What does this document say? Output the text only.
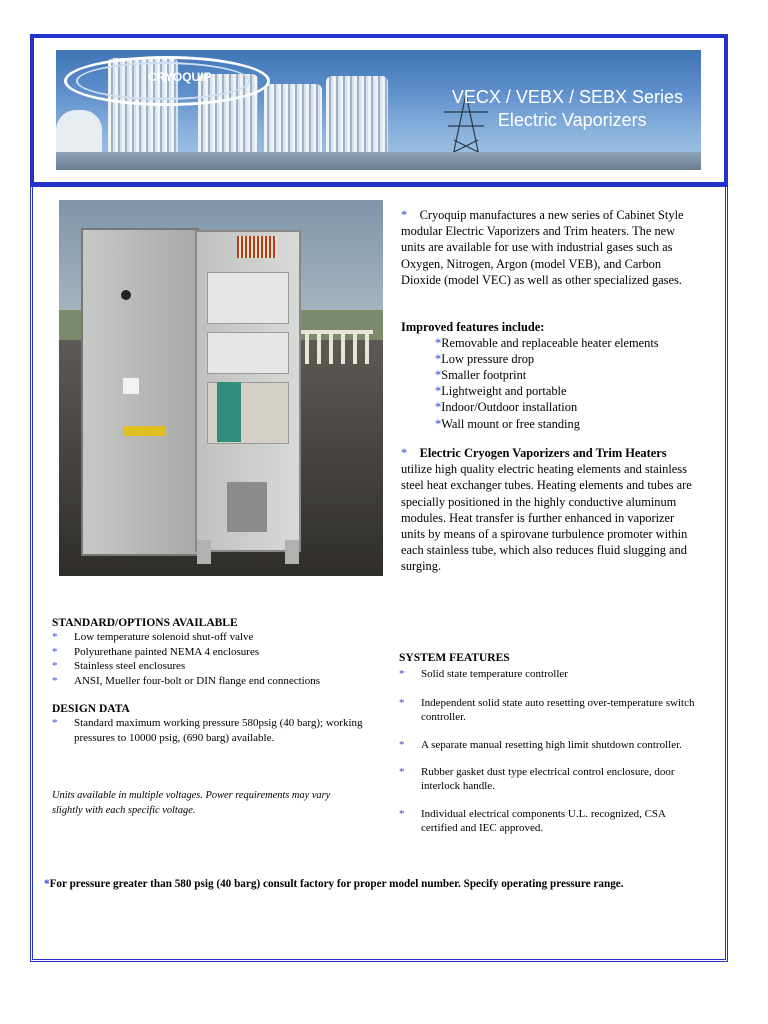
CRYOQUIP
VECX / VEBX / SEBX Series
Electric Vaporizers

* Cryoquip manufactures a new series of Cabinet Style modular Electric Vaporizers and Trim heaters. The new units are available for use with industrial gases such as Oxygen, Nitrogen, Argon (model VEB), and Carbon Dioxide (model VEC) as well as other specialized gases.

Improved features include:
*Removable and replaceable heater elements
*Low pressure drop
*Smaller footprint
*Lightweight and portable
*Indoor/Outdoor installation
*Wall mount or free standing

* Electric Cryogen Vaporizers and Trim Heaters utilize high quality electric heating elements and stainless steel heat exchanger tubes. Heating elements and tubes are specially positioned in the highly conductive aluminum modules. Heat transfer is further enhanced in vaporizer units by means of a spirovane turbulence promoter within each stainless tube, which also reduces fluid slugging and surging.

STANDARD/OPTIONS AVAILABLE
* Low temperature solenoid shut-off valve
* Polyurethane painted NEMA 4 enclosures
* Stainless steel enclosures
* ANSI, Mueller four-bolt or DIN flange end connections
DESIGN DATA
* Standard maximum working pressure 580psig (40 barg); working pressures to 10000 psig, (690 barg) available.
Units available in multiple voltages. Power requirements may vary slightly with each specific voltage.
SYSTEM FEATURES
* Solid state temperature controller
* Independent solid state auto resetting over-temperature switch controller.
* A separate manual resetting high limit shutdown controller.
* Rubber gasket dust type electrical control enclosure, door interlock handle.
* Individual electrical components U.L. recognized, CSA certified and IEC approved.
*For pressure greater than 580 psig (40 barg) consult factory for proper model number. Specify operating pressure range.
